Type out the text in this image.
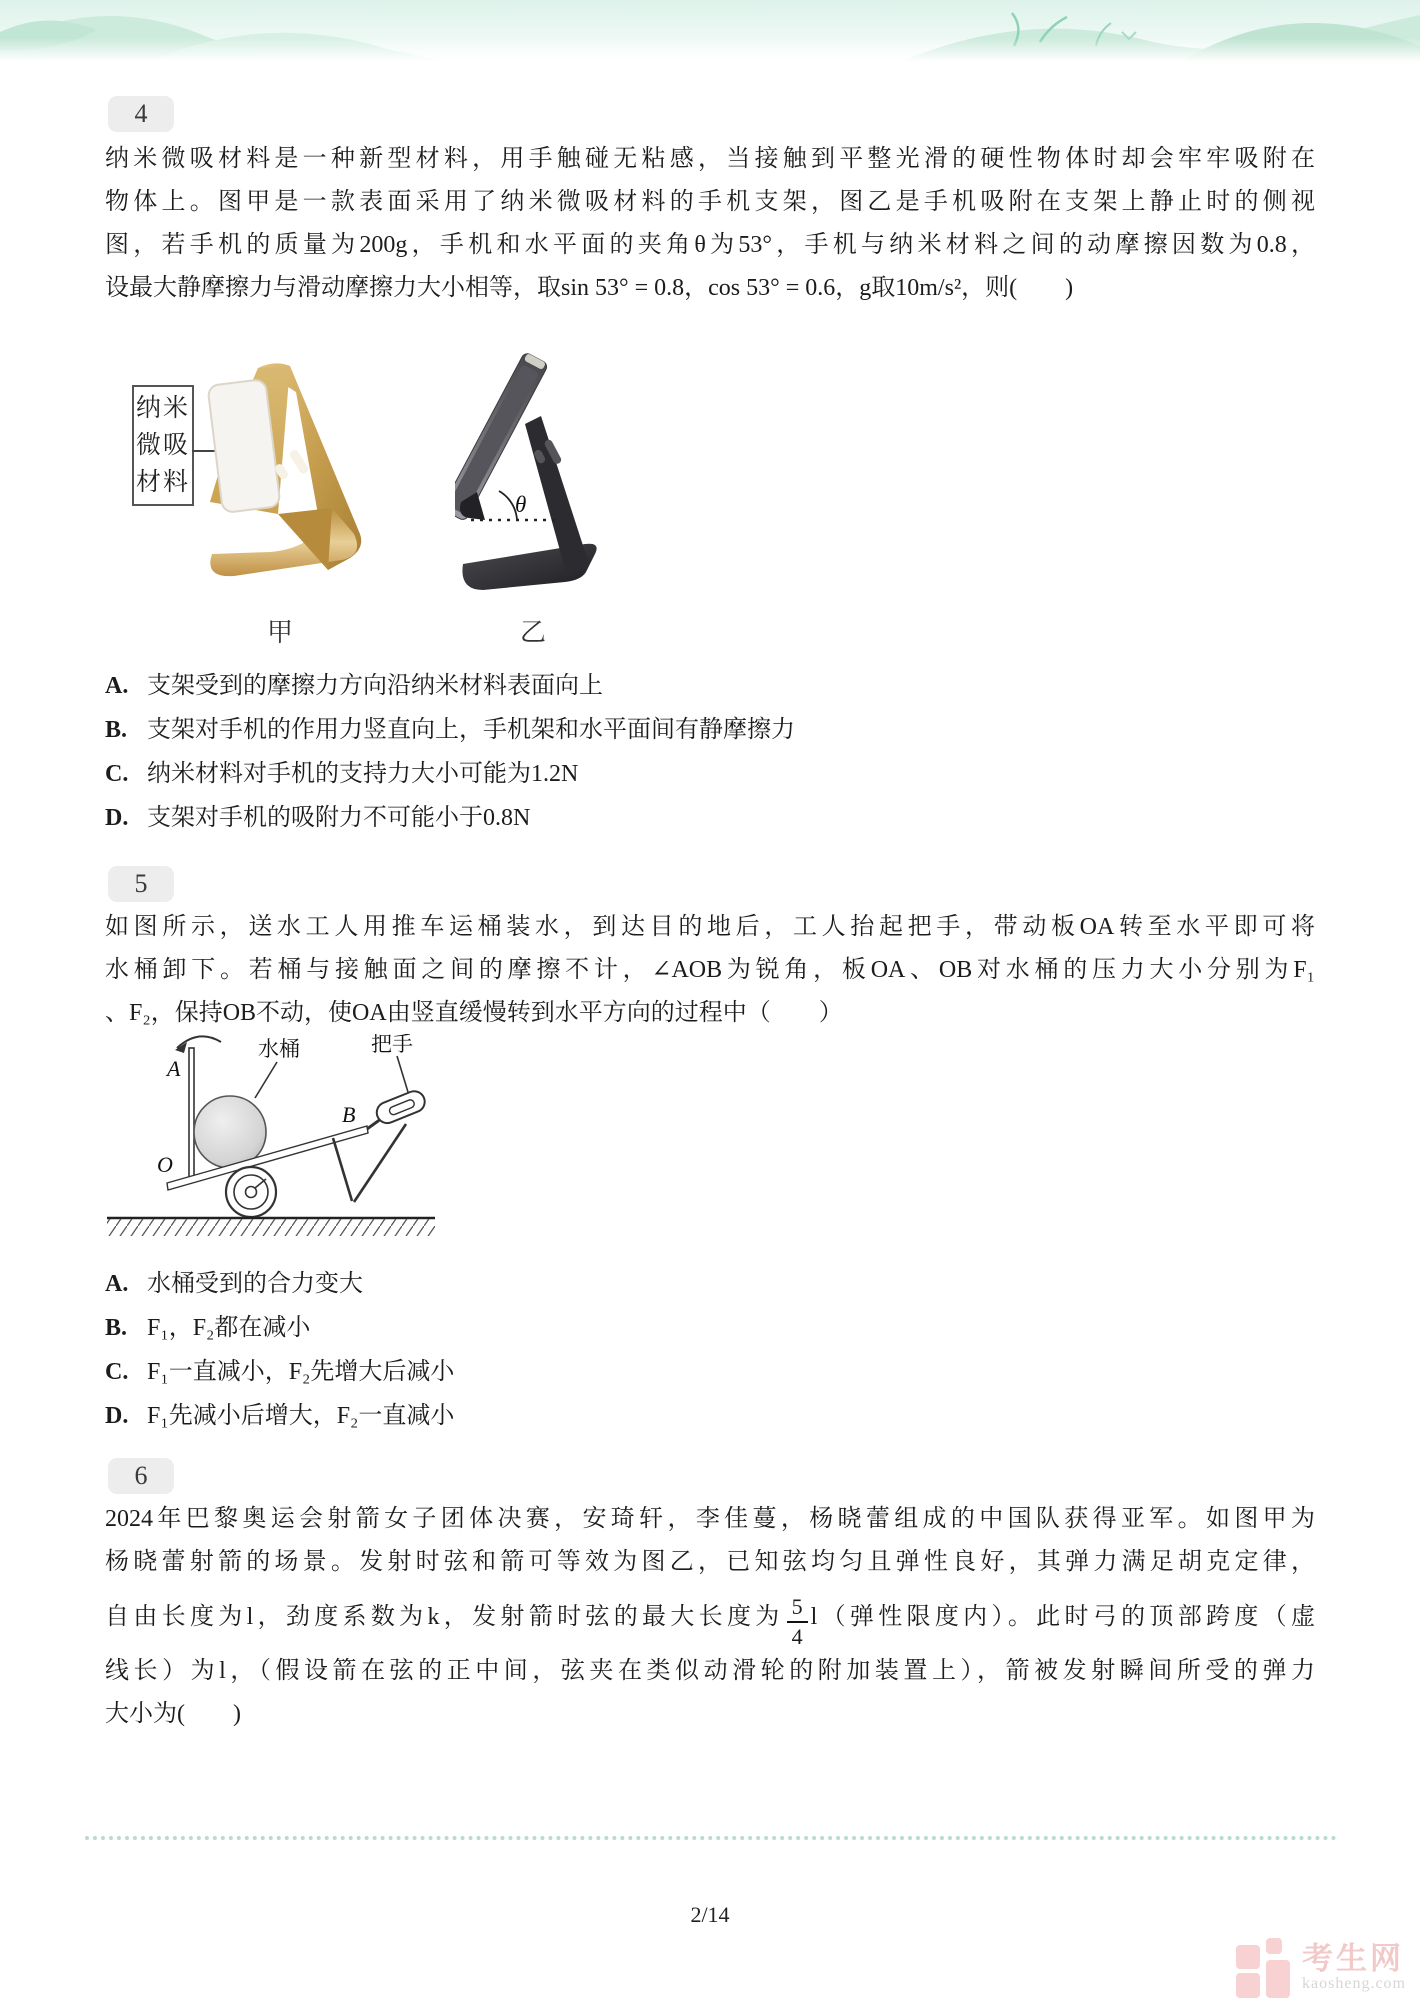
4
纳米微吸材料是一种新型材料，用手触碰无粘感，当接触到平整光滑的硬性物体时却会牢牢吸附在
物体上。图甲是一款表面采用了纳米微吸材料的手机支架，图乙是手机吸附在支架上静止时的侧视
图，若手机的质量为200g，手机和水平面的夹角θ为53°，手机与纳米材料之间的动摩擦因数为0.8，
设最大静摩擦力与滑动摩擦力大小相等，取sin 53° = 0.8，cos 53° = 0.6，g取10m/s²，则(　　)
纳米
微吸
材料
θ
甲	乙
A. 支架受到的摩擦力方向沿纳米材料表面向上
B. 支架对手机的作用力竖直向上，手机架和水平面间有静摩擦力
C. 纳米材料对手机的支持力大小可能为1.2N
D. 支架对手机的吸附力不可能小于0.8N
5
如图所示，送水工人用推车运桶装水，到达目的地后，工人抬起把手，带动板OA转至水平即可将
水桶卸下。若桶与接触面之间的摩擦不计，∠AOB为锐角，板OA、OB对水桶的压力大小分别为F₁
、F₂，保持OB不动，使OA由竖直缓慢转到水平方向的过程中（　　）
A
水桶
O
B
把手
A. 水桶受到的合力变大
B. F₁，F₂都在减小
C. F₁一直减小，F₂先增大后减小
D. F₁先减小后增大，F₂一直减小
6
2024年巴黎奥运会射箭女子团体决赛，安琦轩，李佳蔓，杨晓蕾组成的中国队获得亚军。如图甲为
杨晓蕾射箭的场景。发射时弦和箭可等效为图乙，已知弦均匀且弹性良好，其弹力满足胡克定律，
自由长度为l，劲度系数为k，发射箭时弦的最大长度为 $\frac{5}{4} l$（弹性限度内）。此时弓的顶部跨度（虚
线长）为l，（假设箭在弦的正中间，弦夹在类似动滑轮的附加装置上），箭被发射瞬间所受的弹力
大小为(　　)
2/14
考生网
kaosheng.com
